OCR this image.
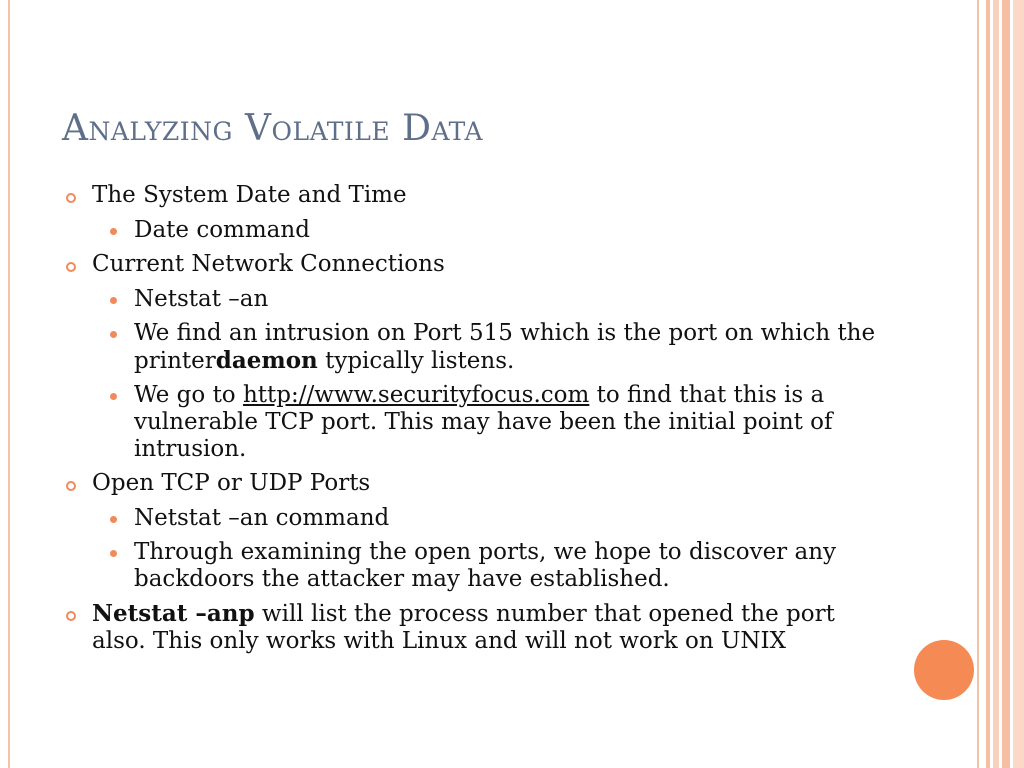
Analyzing Volatile Data
The System Date and Time
Date command
Current Network Connections
Netstat –an
We find an intrusion on Port 515 which is the port on which the printerdaemon typically listens.
We go to http://www.securityfocus.com to find that this is a vulnerable TCP port. This may have been the initial point of intrusion.
Open TCP or UDP Ports
Netstat –an command
Through examining the open ports, we hope to discover any backdoors the attacker may have established.
Netstat –anp will list the process number that opened the port also. This only works with Linux and will not work on UNIX
